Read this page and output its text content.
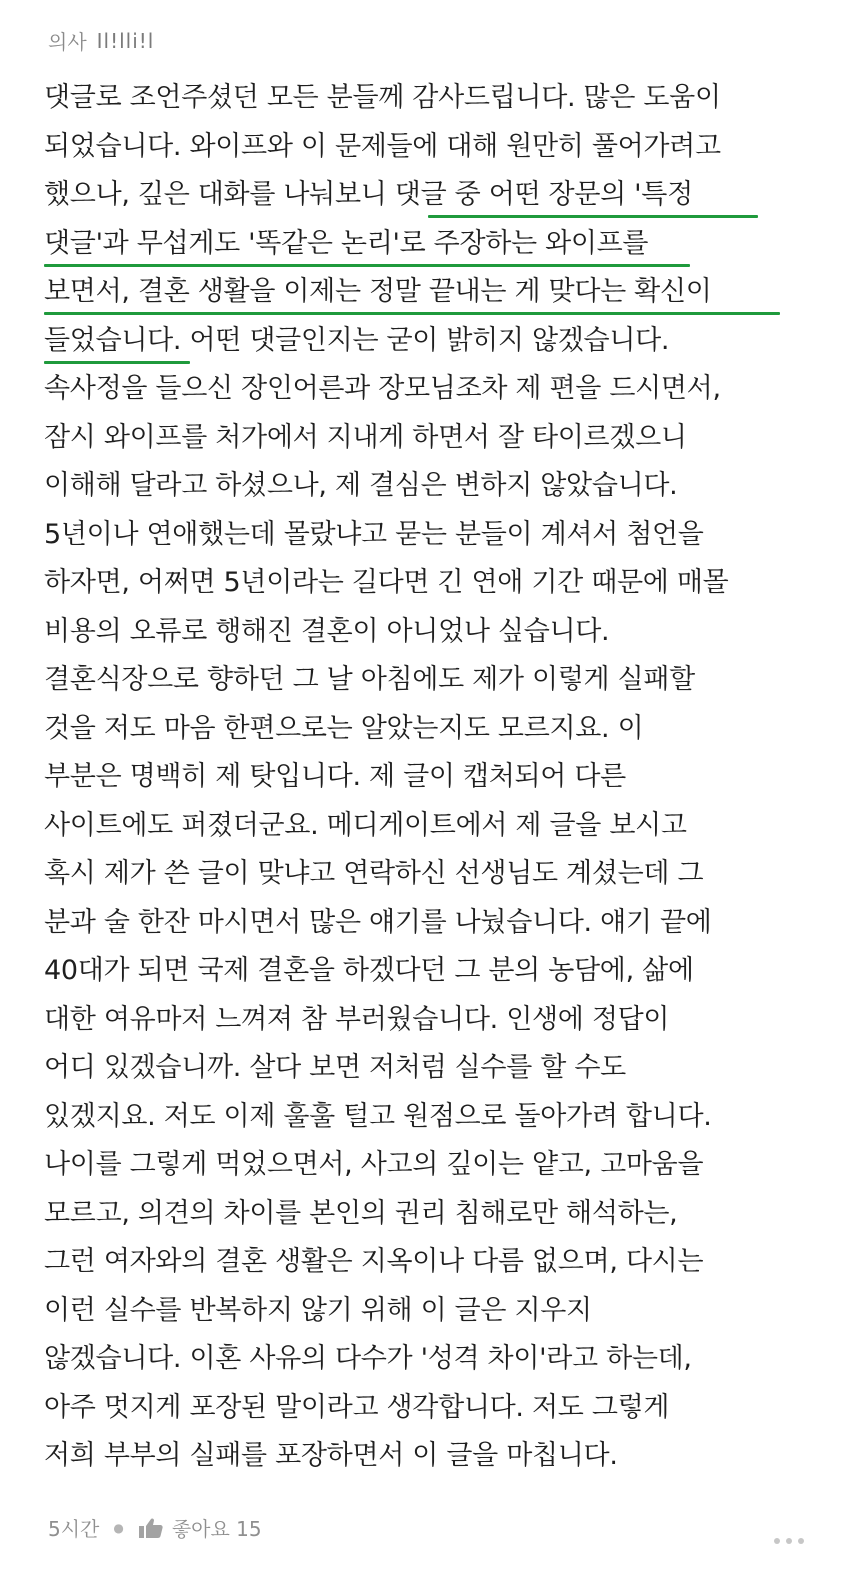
의사 Il!lli!l
댓글로 조언주셨던 모든 분들께 감사드립니다. 많은 도움이
되었습니다. 와이프와 이 문제들에 대해 원만히 풀어가려고
했으나, 깊은 대화를 나눠보니 댓글 중 어떤 장문의 '특정
댓글'과 무섭게도 '똑같은 논리'로 주장하는 와이프를
보면서, 결혼 생활을 이제는 정말 끝내는 게 맞다는 확신이
들었습니다. 어떤 댓글인지는 굳이 밝히지 않겠습니다.
속사정을 들으신 장인어른과 장모님조차 제 편을 드시면서,
잠시 와이프를 처가에서 지내게 하면서 잘 타이르겠으니
이해해 달라고 하셨으나, 제 결심은 변하지 않았습니다.
5년이나 연애했는데 몰랐냐고 묻는 분들이 계셔서 첨언을
하자면, 어쩌면 5년이라는 길다면 긴 연애 기간 때문에 매몰
비용의 오류로 행해진 결혼이 아니었나 싶습니다.
결혼식장으로 향하던 그 날 아침에도 제가 이렇게 실패할
것을 저도 마음 한편으로는 알았는지도 모르지요. 이
부분은 명백히 제 탓입니다. 제 글이 캡처되어 다른
사이트에도 퍼졌더군요. 메디게이트에서 제 글을 보시고
혹시 제가 쓴 글이 맞냐고 연락하신 선생님도 계셨는데 그
분과 술 한잔 마시면서 많은 얘기를 나눴습니다. 얘기 끝에
40대가 되면 국제 결혼을 하겠다던 그 분의 농담에, 삶에
대한 여유마저 느껴져 참 부러웠습니다. 인생에 정답이
어디 있겠습니까. 살다 보면 저처럼 실수를 할 수도
있겠지요. 저도 이제 훌훌 털고 원점으로 돌아가려 합니다.
나이를 그렇게 먹었으면서, 사고의 깊이는 얕고, 고마움을
모르고, 의견의 차이를 본인의 권리 침해로만 해석하는,
그런 여자와의 결혼 생활은 지옥이나 다름 없으며, 다시는
이런 실수를 반복하지 않기 위해 이 글은 지우지
않겠습니다. 이혼 사유의 다수가 '성격 차이'라고 하는데,
아주 멋지게 포장된 말이라고 생각합니다. 저도 그렇게
저희 부부의 실패를 포장하면서 이 글을 마칩니다.
5시간 ● 좋아요 15
